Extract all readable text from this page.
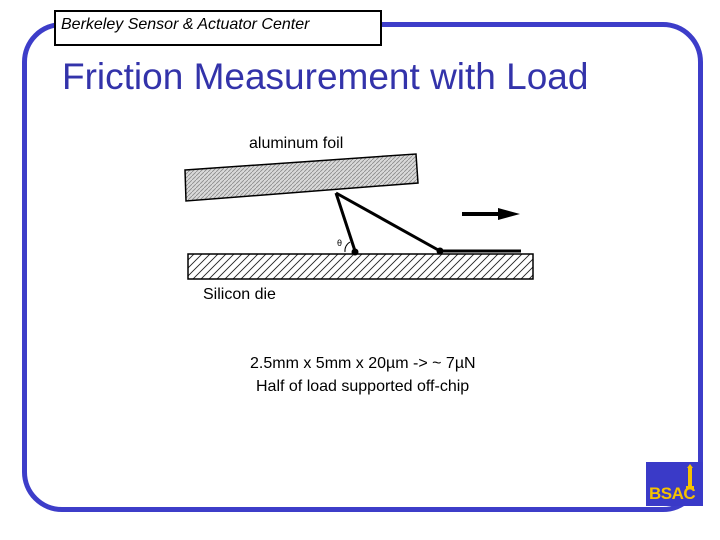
Berkeley Sensor & Actuator Center
Friction Measurement with Load
θ
aluminum foil
Silicon die
2.5mm x 5mm x 20µm -> ~ 7µN
Half of load supported off-chip
BSAC
